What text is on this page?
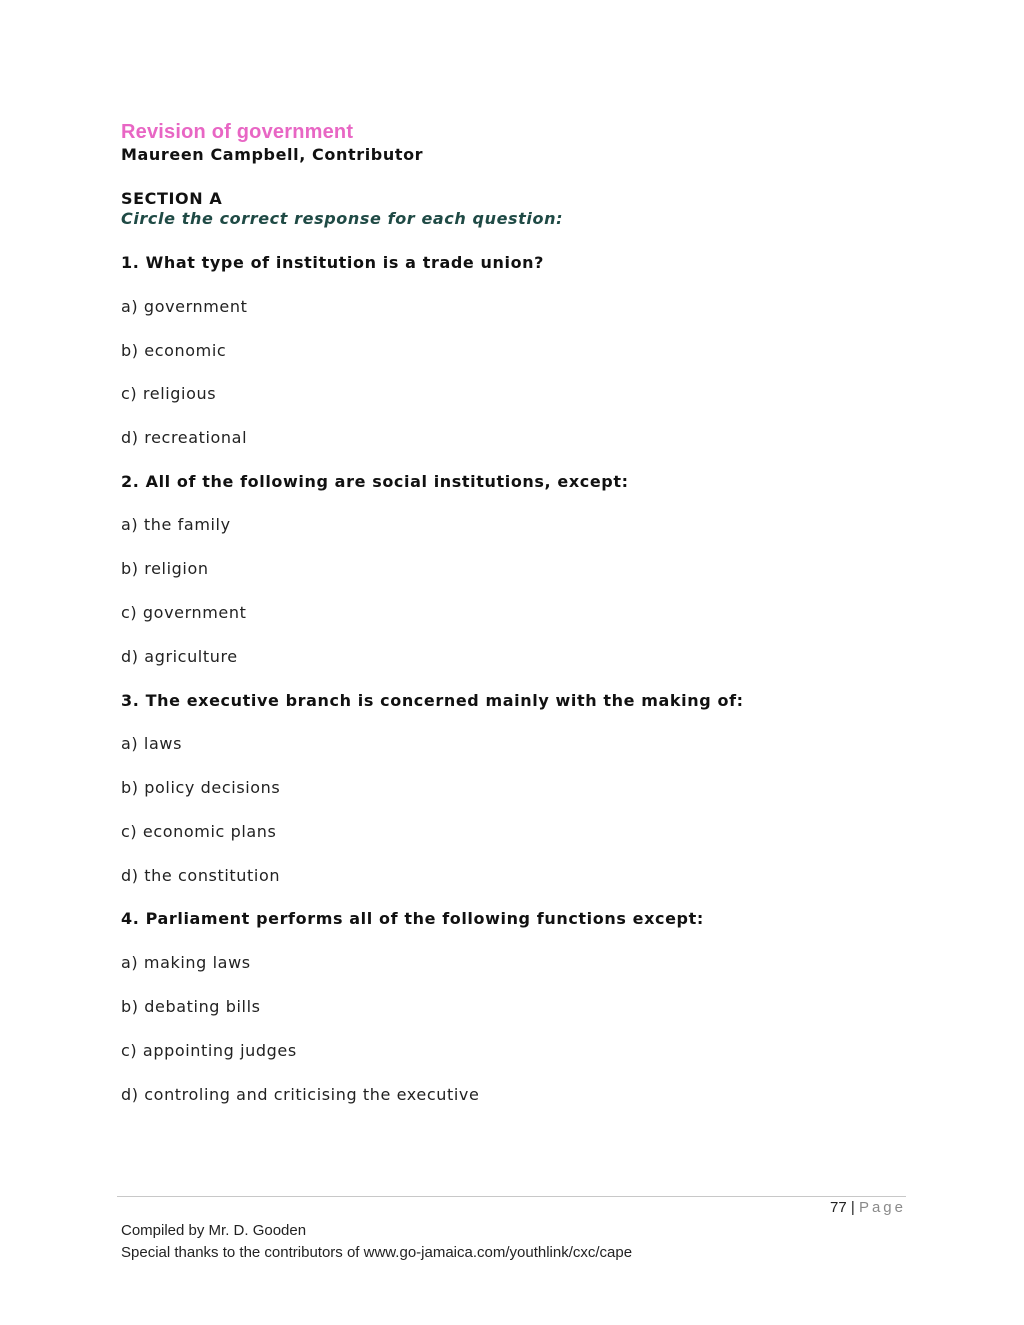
Revision of government
Maureen Campbell, Contributor
SECTION A
Circle the correct response for each question:
1. What type of institution is a trade union?
a) government
b) economic
c) religious
d) recreational
2. All of the following are social institutions, except:
a) the family
b) religion
c) government
d) agriculture
3. The executive branch is concerned mainly with the making of:
a) laws
b) policy decisions
c) economic plans
d) the constitution
4. Parliament performs all of the following functions except:
a) making laws
b) debating bills
c) appointing judges
d) controling and criticising the executive
77 | Page
Compiled by Mr. D. Gooden
Special thanks to the contributors of www.go-jamaica.com/youthlink/cxc/cape
